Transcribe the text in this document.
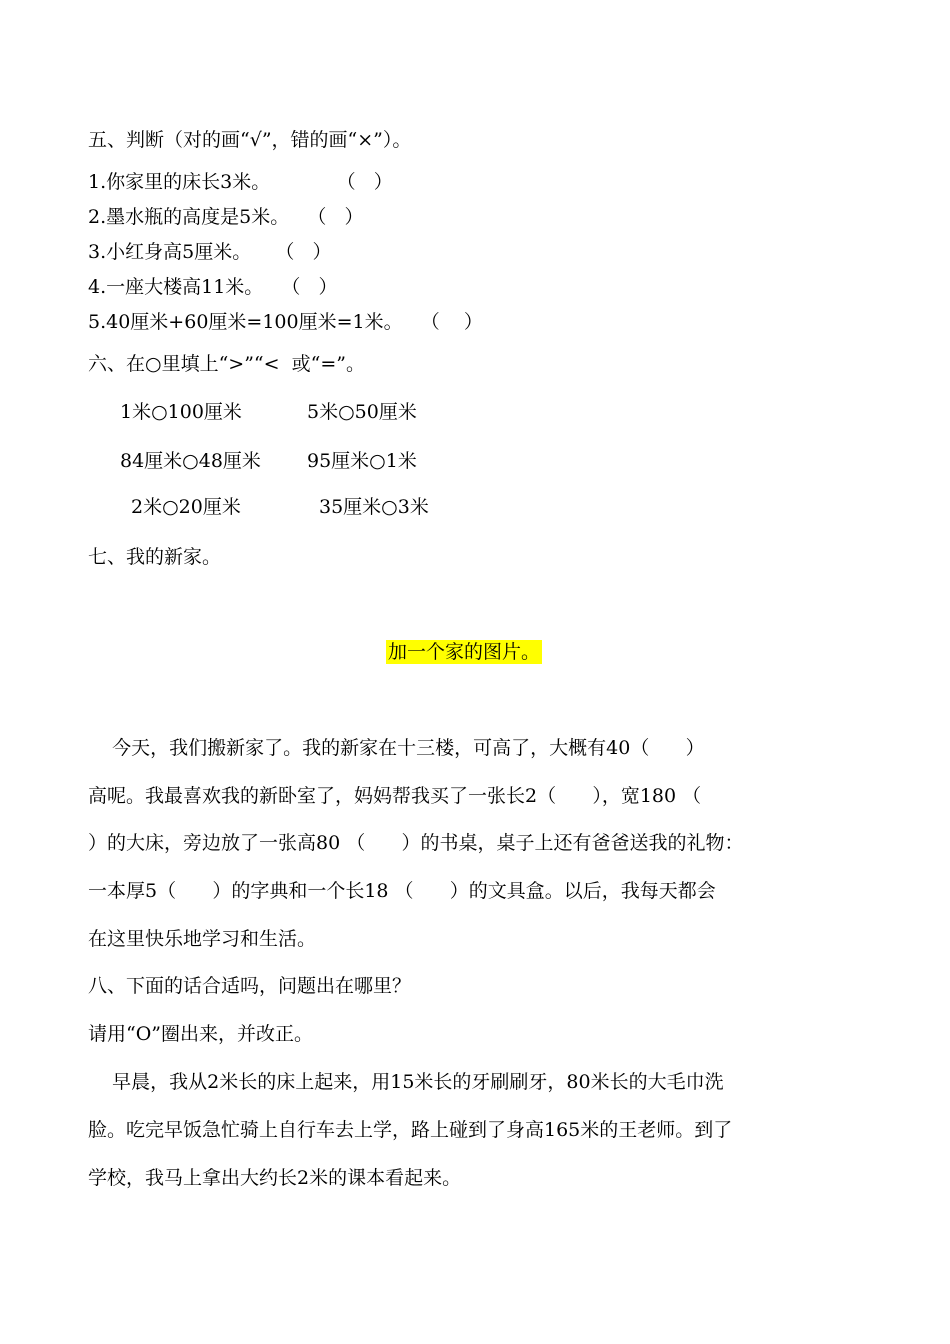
五、判断（对的画“√”，错的画“×”）。
1.你家里的床长3米。           （   ）
2.墨水瓶的高度是5米。   （   ）
3.小红身高5厘米。    （   ）
4.一座大楼高11米。   （   ）
5.40厘米+60厘米=100厘米=1米。   （    ）
六、在○里填上“>”“<  或“=”。
1米○100厘米	5米○50厘米
84厘米○48厘米 95厘米○1米
2米○20厘米	35厘米○3米
七、我的新家。
加一个家的图片。
今天，我们搬新家了。我的新家在十三楼，可高了，大概有40（      ）
高呢。我最喜欢我的新卧室了，妈妈帮我买了一张长2（      ），宽180 （
）的大床，旁边放了一张高80 （      ）的书桌，桌子上还有爸爸送我的礼物：
一本厚5（      ）的字典和一个长18 （      ）的文具盒。以后，我每天都会
在这里快乐地学习和生活。
八、下面的话合适吗，问题出在哪里？
请用“O”圈出来，并改正。
早晨，我从2米长的床上起来，用15米长的牙刷刷牙，80米长的大毛巾洗
脸。吃完早饭急忙骑上自行车去上学，路上碰到了身高165米的王老师。到了
学校，我马上拿出大约长2米的课本看起来。
